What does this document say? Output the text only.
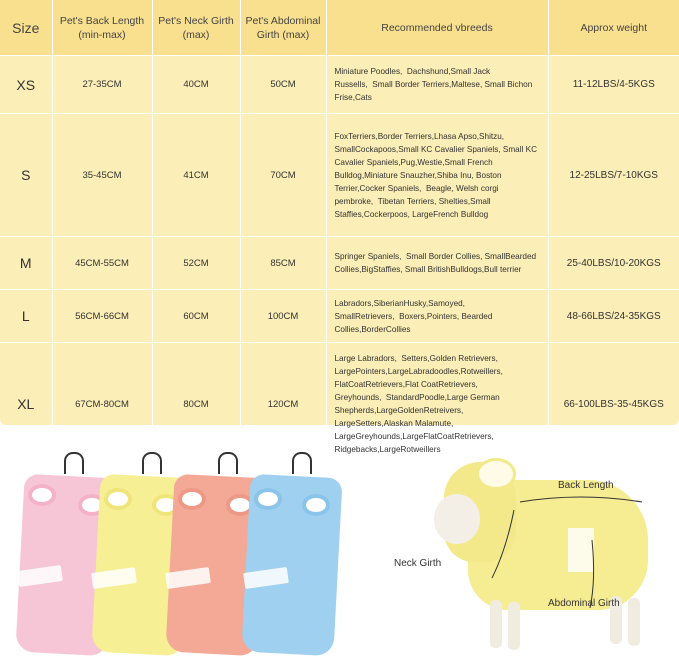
Size	Pet's Back Length (min-max)	Pet's Neck Girth (max)	Pet's Abdominal Girth (max)	Recommended vbreeds	Approx weight
XS	27-35CM	40CM	50CM	Miniature Poodles,  Dachshund,Small Jack Russells,  Small Border Terriers,Maltese, Small Bichon Frise,Cats	11-12LBS/4-5KGS
S	35-45CM	41CM	70CM	FoxTerriers,Border Terriers,Lhasa Apso,Shitzu, SmallCockapoos,Small KC Cavalier Spaniels, Small KC Cavalier Spaniels,Pug,Westie,Small French Bulldog,Miniature Snauzher,Shiba Inu, Boston Terrier,Cocker Spaniels,  Beagle, Welsh corgi pembroke,  Tibetan Terriers, Shelties,Small Staffies,Cockerpoos, LargeFrench Bulldog	12-25LBS/7-10KGS
M	45CM-55CM	52CM	85CM	Springer Spaniels,  Small Border Collies, SmallBearded Collies,BigStaffies, Small BritishBulldogs,Bull terrier	25-40LBS/10-20KGS
L	56CM-66CM	60CM	100CM	Labradors,SiberianHusky,Samoyed, SmallRetrievers,  Boxers,Pointers, Bearded Collies,BorderCollies	48-66LBS/24-35KGS
XL	67CM-80CM	80CM	120CM	Large Labradors,  Setters,Golden Retrievers, LargePointers,LargeLabradoodles,Rotweillers, FlatCoatRetrievers,Flat CoatRetrievers, Greyhounds,  StandardPoodle,Large German Shepherds,LargeGoldenRetreivers, LargeSetters,Alaskan Malamute, LargeGreyhounds,LargeFlatCoatRetrievers, Ridgebacks,LargeRotweillers	66-100LBS-35-45KGS
Back Length
Neck Girth
Abdominal Girth
